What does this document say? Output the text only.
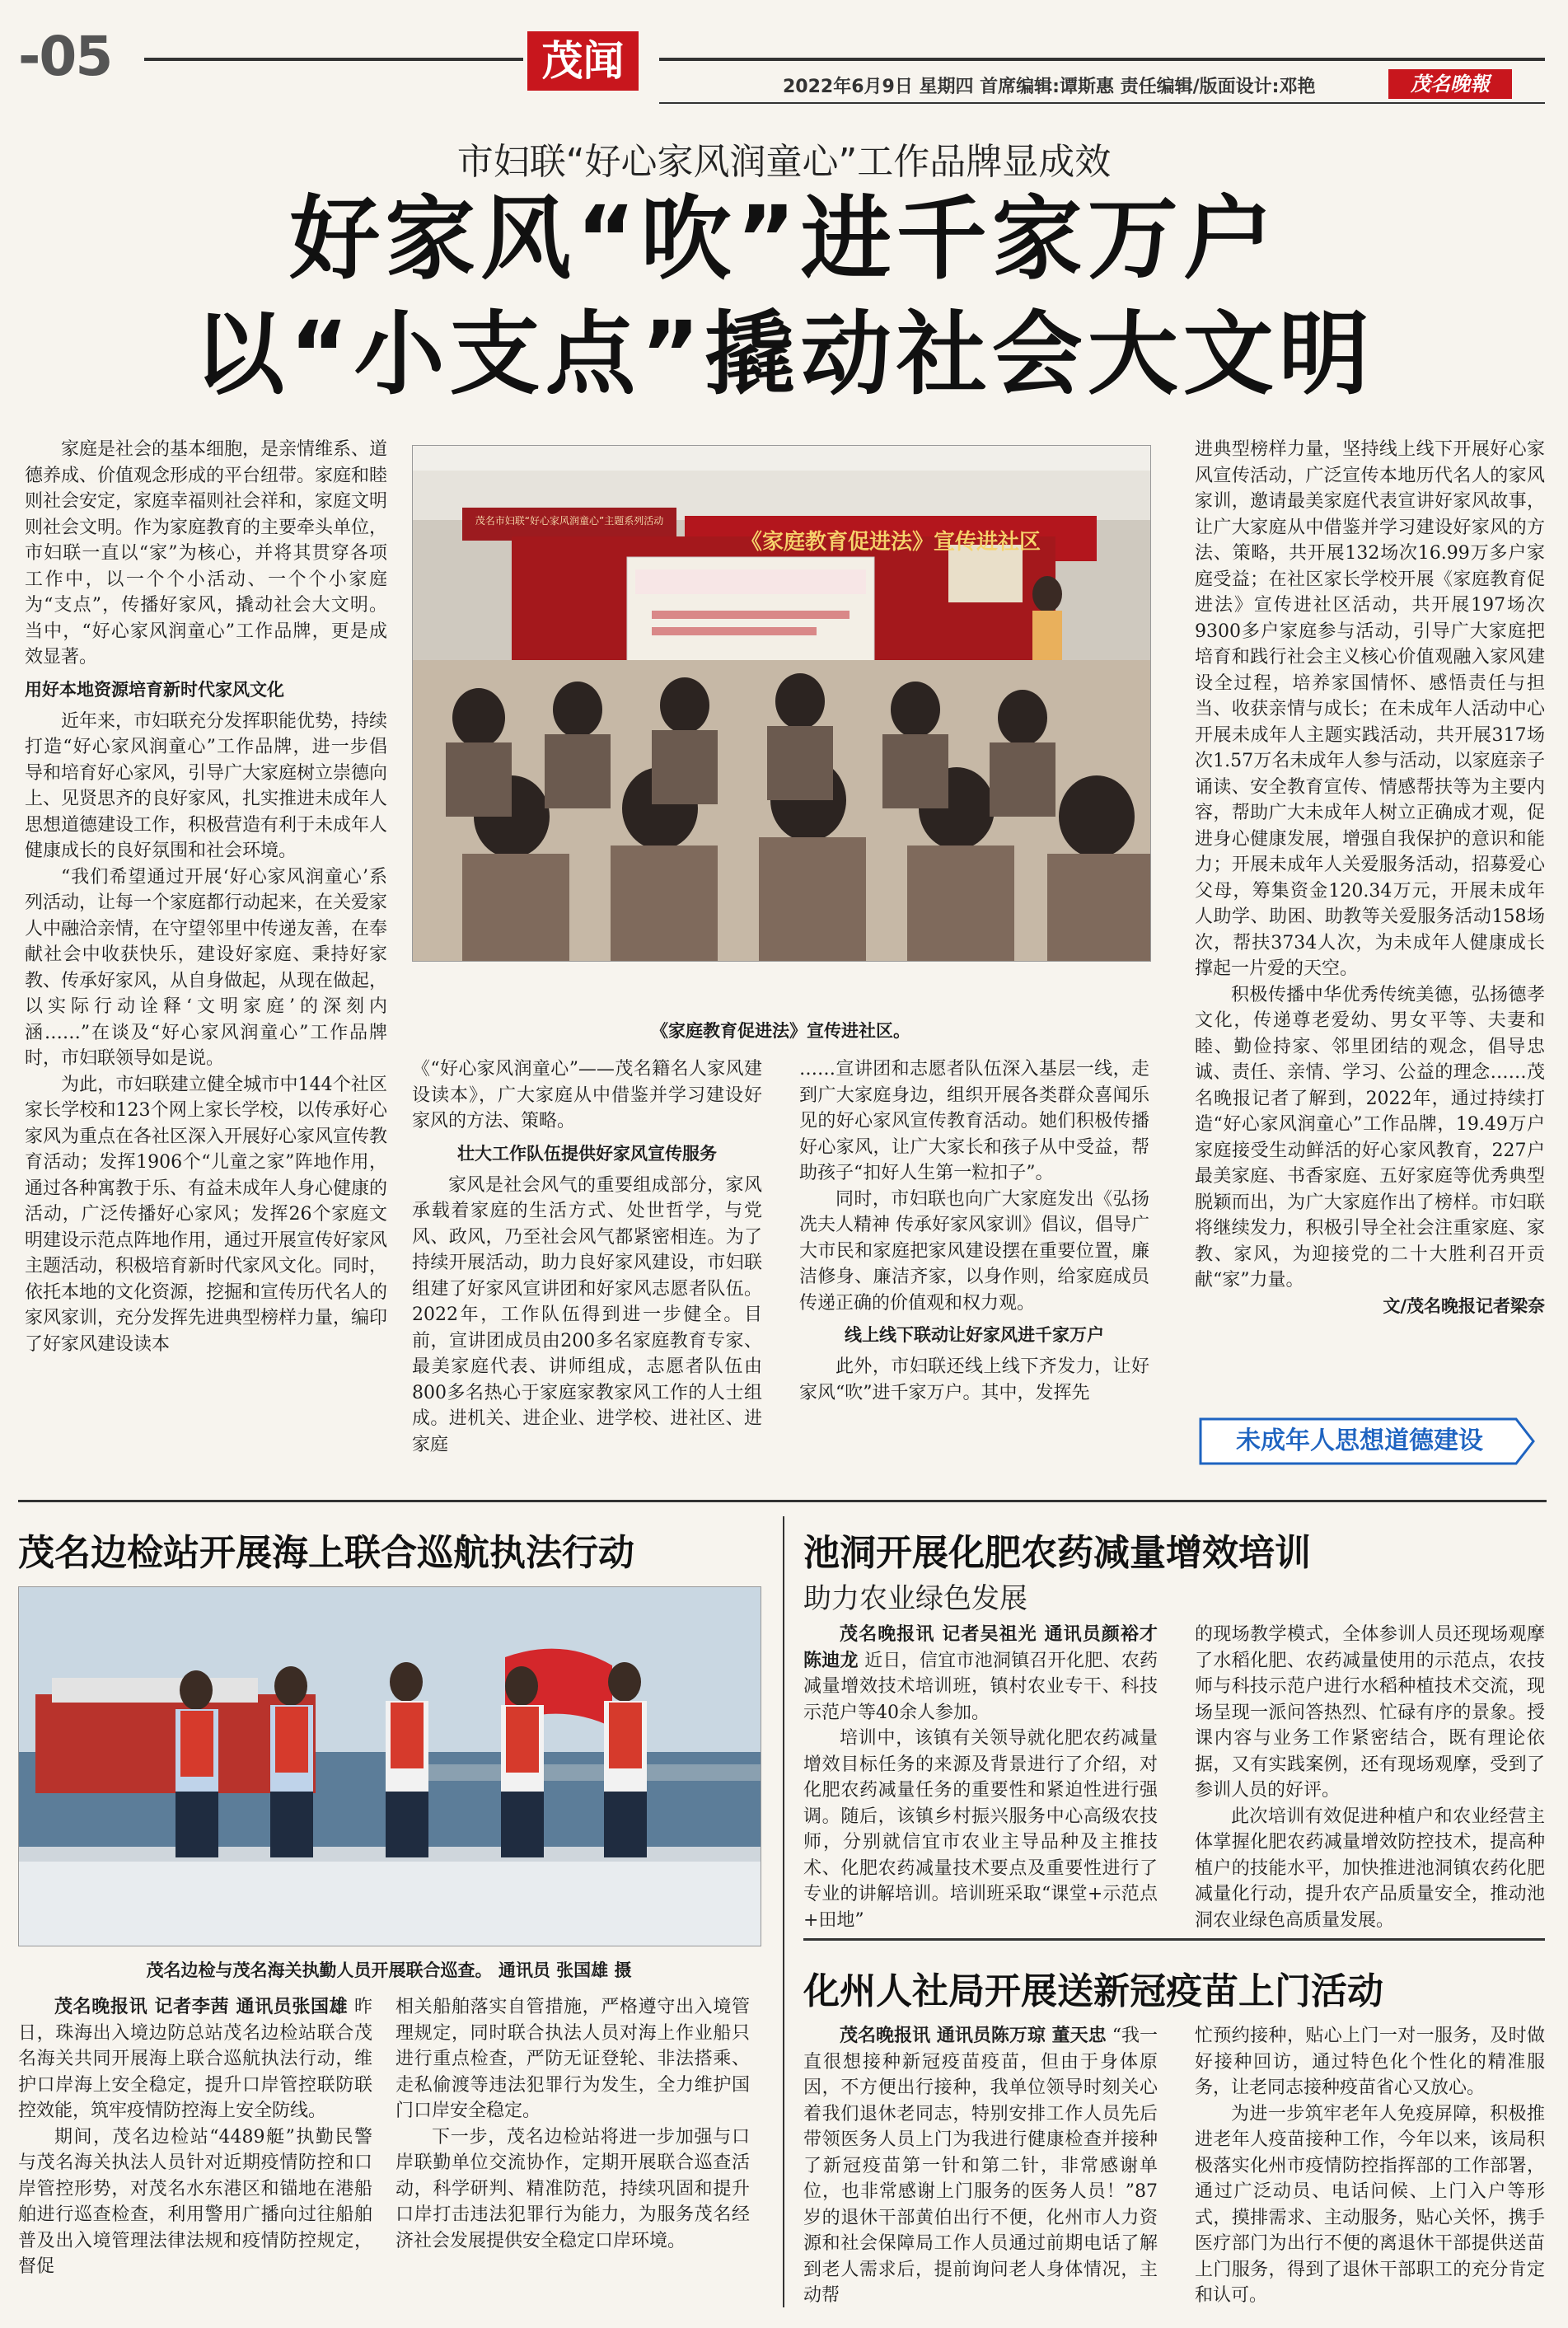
-05	茂闻
2022年6月9日 星期四 首席编辑:谭斯惠 责任编辑/版面设计:邓艳	茂名晚報
市妇联“好心家风润童心”工作品牌显成效
好家风“吹”进千家万户
以“小支点”撬动社会大文明

家庭是社会的基本细胞，是亲情维系、道德养成、价值观念形成的平台纽带。家庭和睦则社会安定，家庭幸福则社会祥和，家庭文明则社会文明。作为家庭教育的主要牵头单位，市妇联一直以“家”为核心，并将其贯穿各项工作中，以一个个小活动、一个个小家庭为“支点”，传播好家风，撬动社会大文明。当中，“好心家风润童心”工作品牌，更是成效显著。

用好本地资源培育新时代家风文化

近年来，市妇联充分发挥职能优势，持续打造“好心家风润童心”工作品牌，进一步倡导和培育好心家风，引导广大家庭树立崇德向上、见贤思齐的良好家风，扎实推进未成年人思想道德建设工作，积极营造有利于未成年人健康成长的良好氛围和社会环境。

“我们希望通过开展‘好心家风润童心’系列活动，让每一个家庭都行动起来，在关爱家人中融洽亲情，在守望邻里中传递友善，在奉献社会中收获快乐，建设好家庭、秉持好家教、传承好家风，从自身做起，从现在做起，以实际行动诠释‘文明家庭’的深刻内涵……”在谈及“好心家风润童心”工作品牌时，市妇联领导如是说。

为此，市妇联建立健全城市中144个社区家长学校和123个网上家长学校，以传承好心家风为重点在各社区深入开展好心家风宣传教育活动；发挥1906个“儿童之家”阵地作用，通过各种寓教于乐、有益未成年人身心健康的活动，广泛传播好心家风；发挥26个家庭文明建设示范点阵地作用，通过开展宣传好家风主题活动，积极培育新时代家风文化。同时，依托本地的文化资源，挖掘和宣传历代名人的家风家训，充分发挥先进典型榜样力量，编印了好家风建设读本

茂名市妇联“好心家风润童心”主题系列活动
《家庭教育促进法》宣传进社区
《家庭教育促进法》宣传进社区。

《“好心家风润童心”——茂名籍名人家风建设读本》，广大家庭从中借鉴并学习建设好家风的方法、策略。

壮大工作队伍提供好家风宣传服务

家风是社会风气的重要组成部分，家风承载着家庭的生活方式、处世哲学，与党风、政风，乃至社会风气都紧密相连。为了持续开展活动，助力良好家风建设，市妇联组建了好家风宣讲团和好家风志愿者队伍。2022年，工作队伍得到进一步健全。目前，宣讲团成员由200多名家庭教育专家、最美家庭代表、讲师组成，志愿者队伍由800多名热心于家庭家教家风工作的人士组成。进机关、进企业、进学校、进社区、进家庭

……宣讲团和志愿者队伍深入基层一线，走到广大家庭身边，组织开展各类群众喜闻乐见的好心家风宣传教育活动。她们积极传播好心家风，让广大家长和孩子从中受益，帮助孩子“扣好人生第一粒扣子”。

同时，市妇联也向广大家庭发出《弘扬冼夫人精神 传承好家风家训》倡议，倡导广大市民和家庭把家风建设摆在重要位置，廉洁修身、廉洁齐家，以身作则，给家庭成员传递正确的价值观和权力观。

线上线下联动让好家风进千家万户

此外，市妇联还线上线下齐发力，让好家风“吹”进千家万户。其中，发挥先

进典型榜样力量，坚持线上线下开展好心家风宣传活动，广泛宣传本地历代名人的家风家训，邀请最美家庭代表宣讲好家风故事，让广大家庭从中借鉴并学习建设好家风的方法、策略，共开展132场次16.99万多户家庭受益；在社区家长学校开展《家庭教育促进法》宣传进社区活动，共开展197场次9300多户家庭参与活动，引导广大家庭把培育和践行社会主义核心价值观融入家风建设全过程，培养家国情怀、感悟责任与担当、收获亲情与成长；在未成年人活动中心开展未成年人主题实践活动，共开展317场次1.57万名未成年人参与活动，以家庭亲子诵读、安全教育宣传、情感帮扶等为主要内容，帮助广大未成年人树立正确成才观，促进身心健康发展，增强自我保护的意识和能力；开展未成年人关爱服务活动，招募爱心父母，筹集资金120.34万元，开展未成年人助学、助困、助教等关爱服务活动158场次，帮扶3734人次，为未成年人健康成长撑起一片爱的天空。

积极传播中华优秀传统美德，弘扬德孝文化，传递尊老爱幼、男女平等、夫妻和睦、勤俭持家、邻里团结的观念，倡导忠诚、责任、亲情、学习、公益的理念……茂名晚报记者了解到，2022年，通过持续打造“好心家风润童心”工作品牌，19.49万户家庭接受生动鲜活的好心家风教育，227户最美家庭、书香家庭、五好家庭等优秀典型脱颖而出，为广大家庭作出了榜样。市妇联将继续发力，积极引导全社会注重家庭、家教、家风，为迎接党的二十大胜利召开贡献“家”力量。

文/茂名晚报记者梁奈
未成年人思想道德建设
茂名边检站开展海上联合巡航执法行动
茂名边检与茂名海关执勤人员开展联合巡查。 通讯员 张国雄 摄

茂名晚报讯 记者李茜 通讯员张国雄 昨日，珠海出入境边防总站茂名边检站联合茂名海关共同开展海上联合巡航执法行动，维护口岸海上安全稳定，提升口岸管控联防联控效能，筑牢疫情防控海上安全防线。

期间，茂名边检站“4489艇”执勤民警与茂名海关执法人员针对近期疫情防控和口岸管控形势，对茂名水东港区和锚地在港船舶进行巡查检查，利用警用广播向过往船舶普及出入境管理法律法规和疫情防控规定，督促

相关船舶落实自管措施，严格遵守出入境管理规定，同时联合执法人员对海上作业船只进行重点检查，严防无证登轮、非法搭乘、走私偷渡等违法犯罪行为发生，全力维护国门口岸安全稳定。

下一步，茂名边检站将进一步加强与口岸联勤单位交流协作，定期开展联合巡查活动，科学研判、精准防范，持续巩固和提升口岸打击违法犯罪行为能力，为服务茂名经济社会发展提供安全稳定口岸环境。

池洞开展化肥农药减量增效培训
助力农业绿色发展

茂名晚报讯 记者吴祖光 通讯员颜裕才 陈迪龙 近日，信宜市池洞镇召开化肥、农药减量增效技术培训班，镇村农业专干、科技示范户等40余人参加。

培训中，该镇有关领导就化肥农药减量增效目标任务的来源及背景进行了介绍，对化肥农药减量任务的重要性和紧迫性进行强调。随后，该镇乡村振兴服务中心高级农技师，分别就信宜市农业主导品种及主推技术、化肥农药减量技术要点及重要性进行了专业的讲解培训。培训班采取“课堂+示范点+田地”

的现场教学模式，全体参训人员还现场观摩了水稻化肥、农药减量使用的示范点，农技师与科技示范户进行水稻种植技术交流，现场呈现一派问答热烈、忙碌有序的景象。授课内容与业务工作紧密结合，既有理论依据，又有实践案例，还有现场观摩，受到了参训人员的好评。

此次培训有效促进种植户和农业经营主体掌握化肥农药减量增效防控技术，提高种植户的技能水平，加快推进池洞镇农药化肥减量化行动，提升农产品质量安全，推动池洞农业绿色高质量发展。

化州人社局开展送新冠疫苗上门活动

茂名晚报讯 通讯员陈万琼 董天忠 “我一直很想接种新冠疫苗疫苗，但由于身体原因，不方便出行接种，我单位领导时刻关心着我们退休老同志，特别安排工作人员先后带领医务人员上门为我进行健康检查并接种了新冠疫苗第一针和第二针，非常感谢单位，也非常感谢上门服务的医务人员！”87岁的退休干部黄伯出行不便，化州市人力资源和社会保障局工作人员通过前期电话了解到老人需求后，提前询问老人身体情况，主动帮

忙预约接种，贴心上门一对一服务，及时做好接种回访，通过特色化个性化的精准服务，让老同志接种疫苗省心又放心。

为进一步筑牢老年人免疫屏障，积极推进老年人疫苗接种工作，今年以来，该局积极落实化州市疫情防控指挥部的工作部署，通过广泛动员、电话问候、上门入户等形式，摸排需求、主动服务，贴心关怀，携手医疗部门为出行不便的离退休干部提供送苗上门服务，得到了退休干部职工的充分肯定和认可。
